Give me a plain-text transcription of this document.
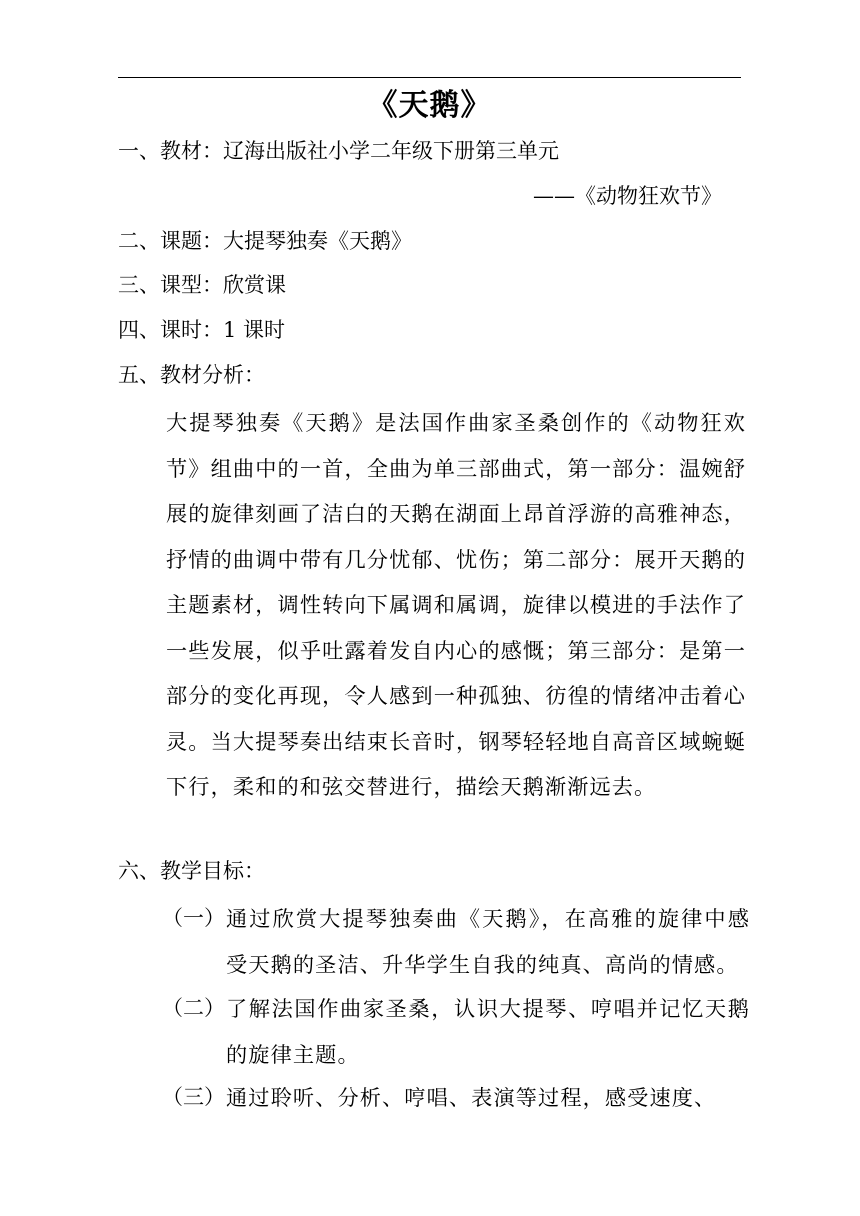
《天鹅》
一、教材：辽海出版社小学二年级下册第三单元
——《动物狂欢节》
二、课题：大提琴独奏《天鹅》
三、课型：欣赏课
四、课时：1 课时
五、教材分析：
大提琴独奏《天鹅》是法国作曲家圣桑创作的《动物狂欢节》组曲中的一首，全曲为单三部曲式，第一部分：温婉舒展的旋律刻画了洁白的天鹅在湖面上昂首浮游的高雅神态，抒情的曲调中带有几分忧郁、忧伤；第二部分：展开天鹅的主题素材，调性转向下属调和属调，旋律以模进的手法作了一些发展，似乎吐露着发自内心的感慨；第三部分：是第一部分的变化再现，令人感到一种孤独、彷徨的情绪冲击着心灵。当大提琴奏出结束长音时，钢琴轻轻地自高音区域蜿蜒下行，柔和的和弦交替进行，描绘天鹅渐渐远去。
六、教学目标：
（一） 通过欣赏大提琴独奏曲《天鹅》，在高雅的旋律中感受天鹅的圣洁、升华学生自我的纯真、高尚的情感。
（二） 了解法国作曲家圣桑，认识大提琴、哼唱并记忆天鹅的旋律主题。
（三） 通过聆听、分析、哼唱、表演等过程，感受速度、
